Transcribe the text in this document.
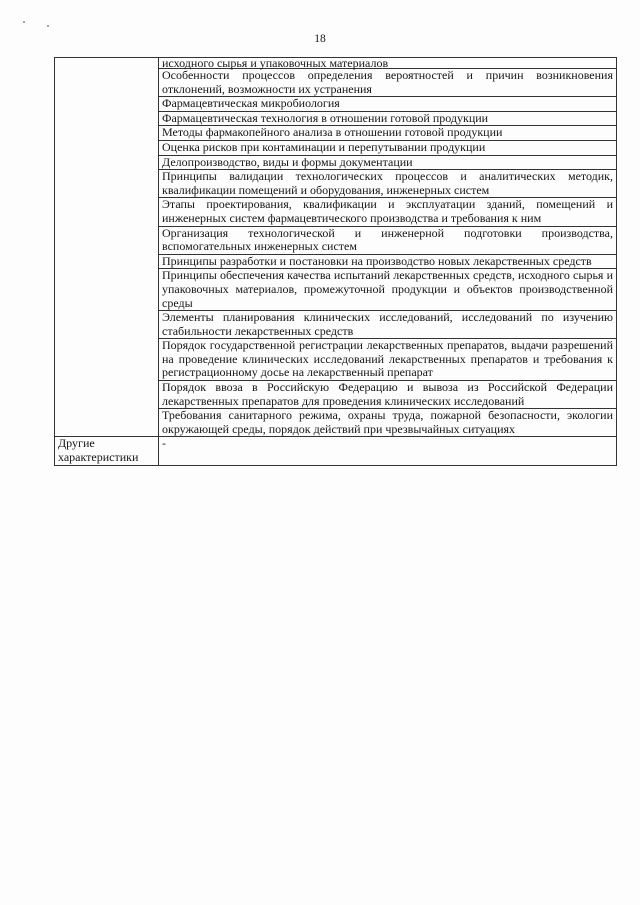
18
	исходного сырья и упаковочных материалов
	Особенности процессов определения вероятностей и причин возникновения отклонений, возможности их устранения
	Фармацевтическая микробиология
	Фармацевтическая технология в отношении готовой продукции
	Методы фармакопейного анализа в отношении готовой продукции
	Оценка рисков при контаминации и перепутывании продукции
	Делопроизводство, виды и формы документации
	Принципы валидации технологических процессов и аналитических методик, квалификации помещений и оборудования, инженерных систем
	Этапы проектирования, квалификации и эксплуатации зданий, помещений и инженерных систем фармацевтического производства и требования к ним
	Организация технологической и инженерной подготовки производства, вспомогательных инженерных систем
	Принципы разработки и постановки на производство новых лекарственных средств
	Принципы обеспечения качества испытаний лекарственных средств, исходного сырья и упаковочных материалов, промежуточной продукции и объектов производственной среды
	Элементы планирования клинических исследований, исследований по изучению стабильности лекарственных средств
	Порядок государственной регистрации лекарственных препаратов, выдачи разрешений на проведение клинических исследований лекарственных препаратов и требования к регистрационному досье на лекарственный препарат
	Порядок ввоза в Российскую Федерацию и вывоза из Российской Федерации лекарственных препаратов для проведения клинических исследований
	Требования санитарного режима, охраны труда, пожарной безопасности, экологии окружающей среды, порядок действий при чрезвычайных ситуациях
Другие характеристики	-
